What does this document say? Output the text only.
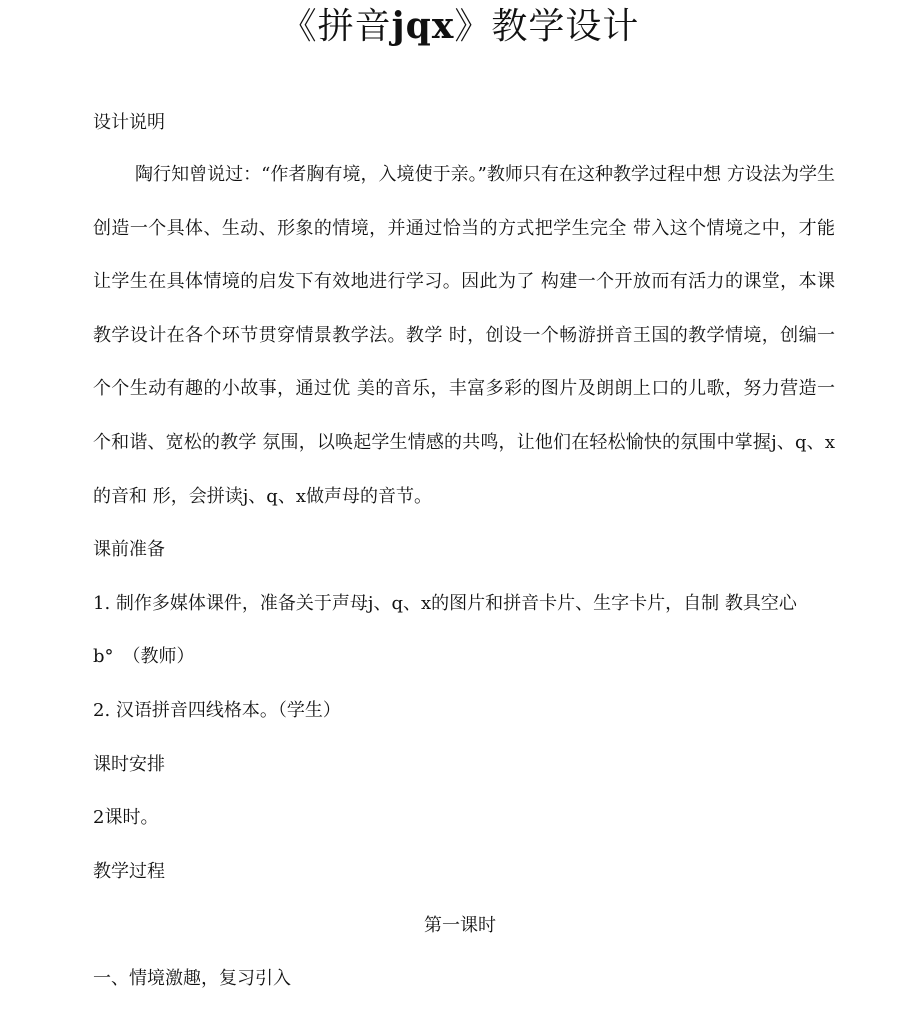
《拼音jqx》教学设计
设计说明
陶行知曾说过：“作者胸有境，入境使于亲。”教师只有在这种教学过程中想 方设法为学生创造一个具体、生动、形象的情境，并通过恰当的方式把学生完全 带入这个情境之中，才能让学生在具体情境的启发下有效地进行学习。因此为了 构建一个开放而有活力的课堂，本课教学设计在各个环节贯穿情景教学法。教学 时，创设一个畅游拼音王国的教学情境，创编一个个生动有趣的小故事，通过优 美的音乐，丰富多彩的图片及朗朗上口的儿歌，努力营造一个和谐、宽松的教学 氛围，以唤起学生情感的共鸣，让他们在轻松愉快的氛围中掌握j、q、x的音和 形，会拼读j、q、x做声母的音节。
课前准备
1. 制作多媒体课件，准备关于声母j、q、x的图片和拼音卡片、生字卡片，自制 教具空心
b°　（教师）
2. 汉语拼音四线格本。（学生）
课时安排
2课时。
教学过程
第一课时
一、情境激趣，复习引入
